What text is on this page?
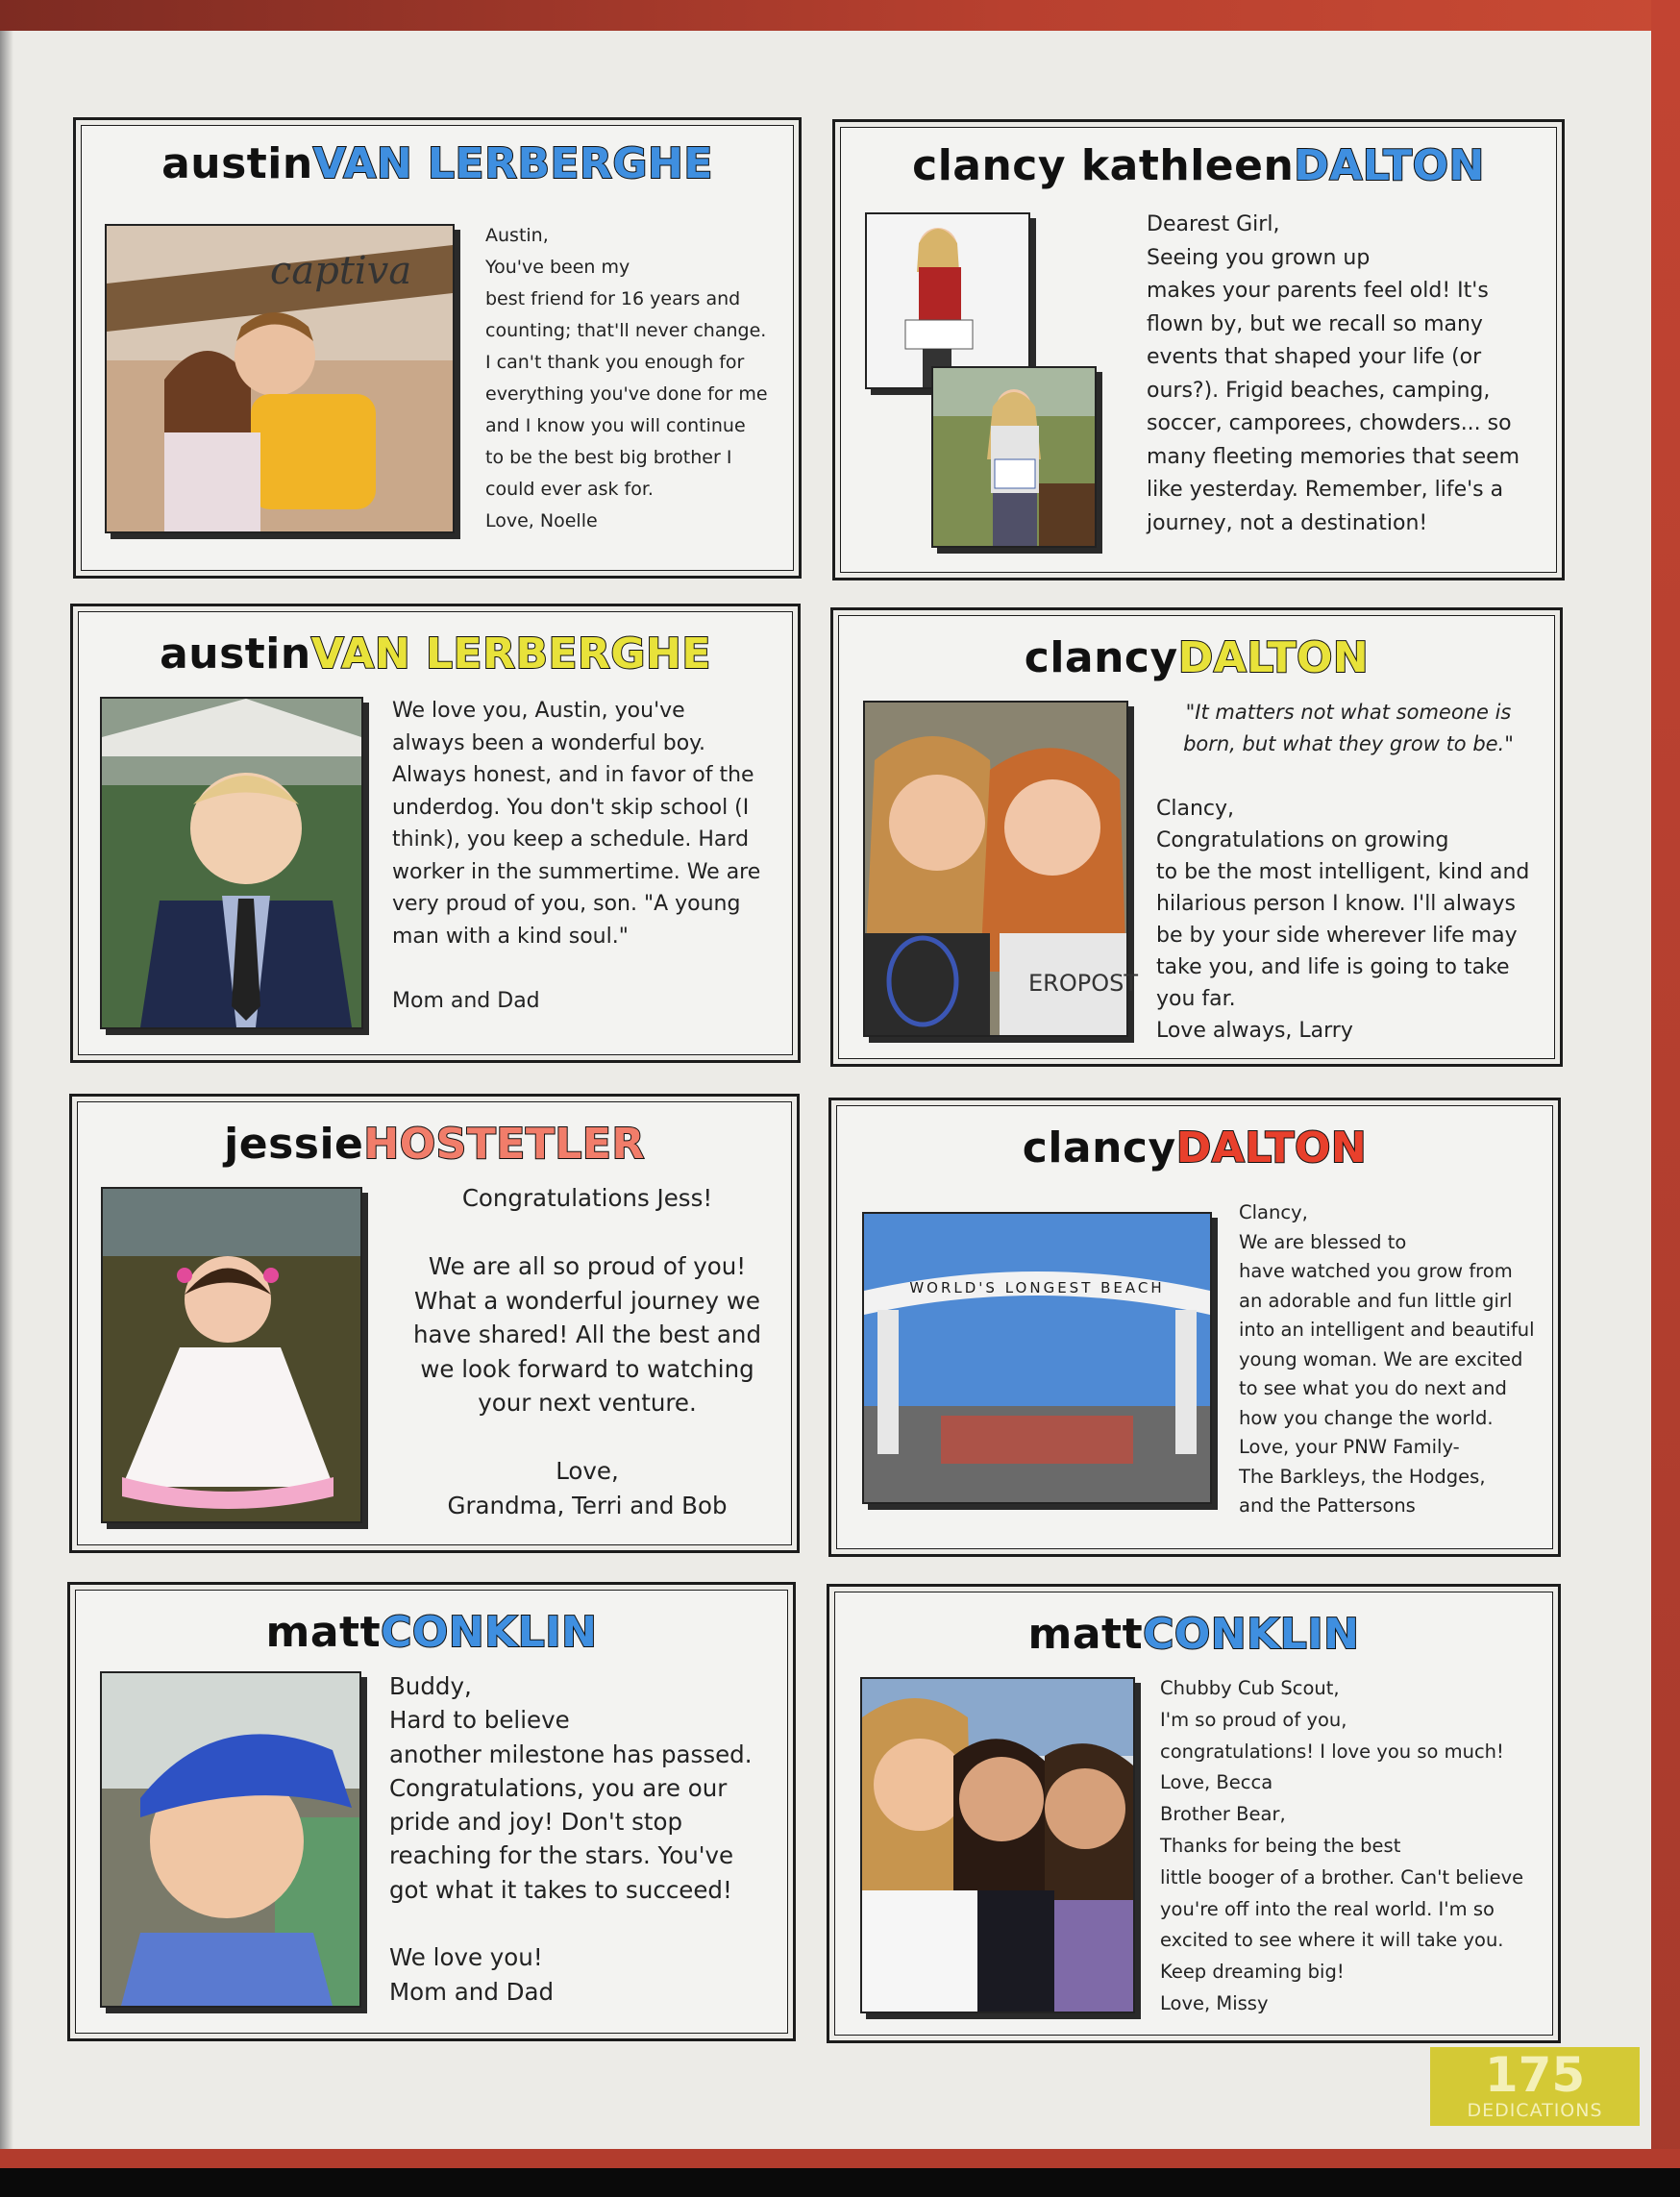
austinVAN LERBERGHE
captiva
Austin,
You've been my
best friend for 16 years and
counting; that'll never change.
I can't thank you enough for
everything you've done for me
and I know you will continue
to be the best big brother I
could ever ask for.
Love, Noelle
clancy kathleenDALTON
Dearest Girl,
Seeing you grown up
makes your parents feel old! It's
flown by, but we recall so many
events that shaped your life (or
ours?). Frigid beaches, camping,
soccer, camporees, chowders... so
many fleeting memories that seem
like yesterday. Remember, life's a
journey, not a destination!
austinVAN LERBERGHE
We love you, Austin, you've
always been a wonderful boy.
Always honest, and in favor of the
underdog. You don't skip school (I
think), you keep a schedule. Hard
worker in the summertime. We are
very proud of you, son. "A young
man with a kind soul."

Mom and Dad
clancyDALTON
EROPOST
"It matters not what someone is
born, but what they grow to be."
Clancy,
Congratulations on growing
to be the most intelligent, kind and
hilarious person I know. I'll always
be by your side wherever life may
take you, and life is going to take
you far.
Love always, Larry
jessieHOSTETLER
Congratulations Jess!

We are all so proud of you!
What a wonderful journey we
have shared! All the best and
we look forward to watching
your next venture.

Love,
Grandma, Terri and Bob
clancyDALTON
WORLD'S LONGEST BEACH
Clancy,
We are blessed to
have watched you grow from
an adorable and fun little girl
into an intelligent and beautiful
young woman. We are excited
to see what you do next and
how you change the world.
Love, your PNW Family-
The Barkleys, the Hodges,
and the Pattersons
mattCONKLIN
Buddy,
Hard to believe
another milestone has passed.
Congratulations, you are our
pride and joy! Don't stop
reaching for the stars. You've
got what it takes to succeed!

We love you!
Mom and Dad
mattCONKLIN
Chubby Cub Scout,
I'm so proud of you,
congratulations! I love you so much!
Love, Becca
Brother Bear,
Thanks for being the best
little booger of a brother. Can't believe
you're off into the real world. I'm so
excited to see where it will take you.
Keep dreaming big!
Love, Missy
175
DEDICATIONS
